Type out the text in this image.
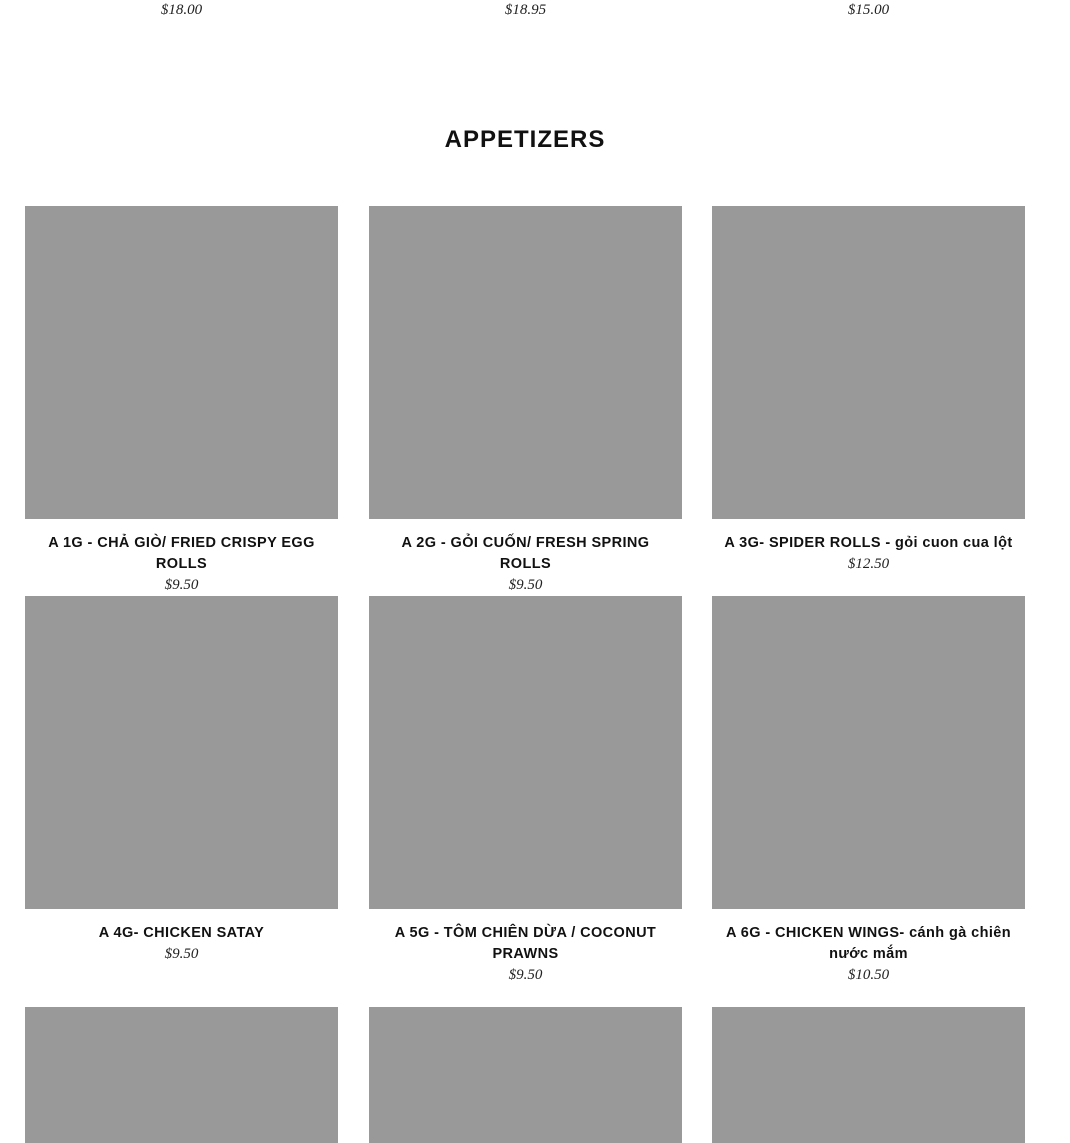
$18.00	$18.95	$15.00
APPETIZERS
A 1G - CHẢ GIÒ/ FRIED CRISPY EGG ROLLS
$9.50
A 2G - GỎI CUỐN/ FRESH SPRING ROLLS
$9.50
A 3G- SPIDER ROLLS - gỏi cuon cua lột
$12.50
A 4G- CHICKEN SATAY
$9.50
A 5G - TÔM CHIÊN DỪA / COCONUT PRAWNS
$9.50
A 6G - CHICKEN WINGS- cánh gà chiên nước mắm
$10.50
